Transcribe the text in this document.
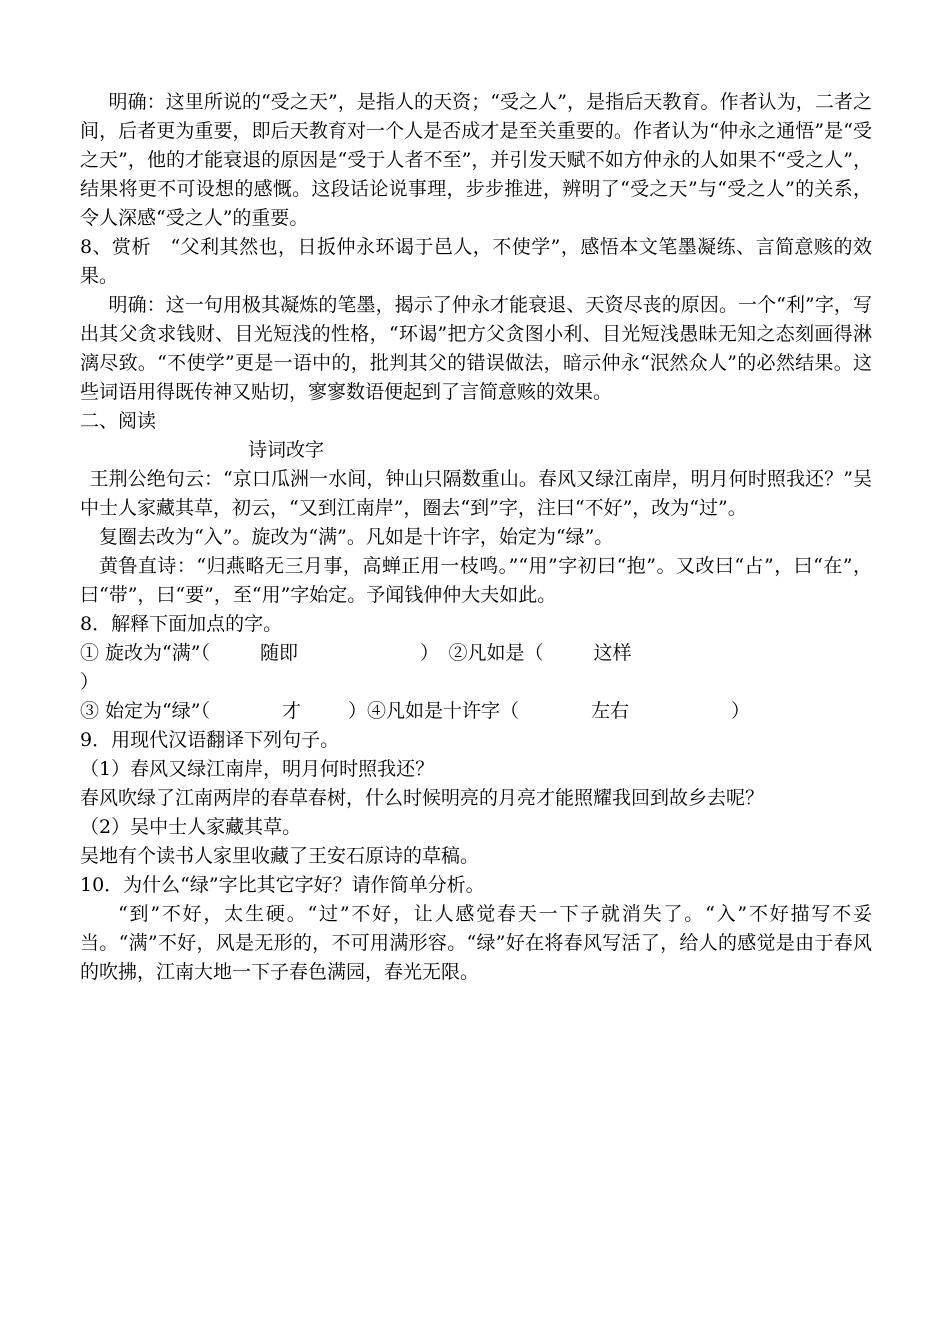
明确：这里所说的“受之天”，是指人的天资；“受之人”，是指后天教育。作者认为，二者之间，后者更为重要，即后天教育对一个人是否成才是至关重要的。作者认为“仲永之通悟”是“受之天”，他的才能衰退的原因是“受于人者不至”，并引发天赋不如方仲永的人如果不“受之人”，结果将更不可设想的感慨。这段话论说事理，步步推进，辨明了“受之天”与“受之人”的关系，令人深感“受之人”的重要。

8、赏析　“父利其然也，日扳仲永环谒于邑人，不使学”，感悟本文笔墨凝练、言简意赅的效果。

明确：这一句用极其凝炼的笔墨，揭示了仲永才能衰退、天资尽丧的原因。一个“利”字，写出其父贪求钱财、目光短浅的性格，“环谒”把方父贪图小利、目光短浅愚昧无知之态刻画得淋漓尽致。“不使学”更是一语中的，批判其父的错误做法，暗示仲永“泯然众人”的必然结果。这些词语用得既传神又贴切，寥寥数语便起到了言简意赅的效果。

二、阅读

诗词改字

王荆公绝句云：“京口瓜洲一水间，钟山只隔数重山。春风又绿江南岸，明月何时照我还？”吴中士人家藏其草，初云，“又到江南岸”，圈去“到”字，注曰“不好”，改为“过”。

复圈去改为“入”。旋改为“满”。凡如是十许字，始定为“绿”。

黄鲁直诗：“归燕略无三月事，高蝉正用一枝鸣。”“用”字初曰“抱”。又改曰“占”，曰“在”，曰“带”，曰“要”，至“用”字始定。予闻钱伸仲大夫如此。

8．解释下面加点的字。

① 旋改为“满”（	随即	）　②凡如是（	这样

）

③ 始定为“绿”（	才	）④凡如是十许字（	左右	）

9．用现代汉语翻译下列句子。

（1）春风又绿江南岸，明月何时照我还？

春风吹绿了江南两岸的春草春树，什么时候明亮的月亮才能照耀我回到故乡去呢？

（2）吴中士人家藏其草。

吴地有个读书人家里收藏了王安石原诗的草稿。

10．为什么“绿”字比其它字好？请作简单分析。

“到”不好，太生硬。“过”不好，让人感觉春天一下子就消失了。“入”不好描写不妥当。“满”不好，风是无形的，不可用满形容。“绿”好在将春风写活了，给人的感觉是由于春风的吹拂，江南大地一下子春色满园，春光无限。
